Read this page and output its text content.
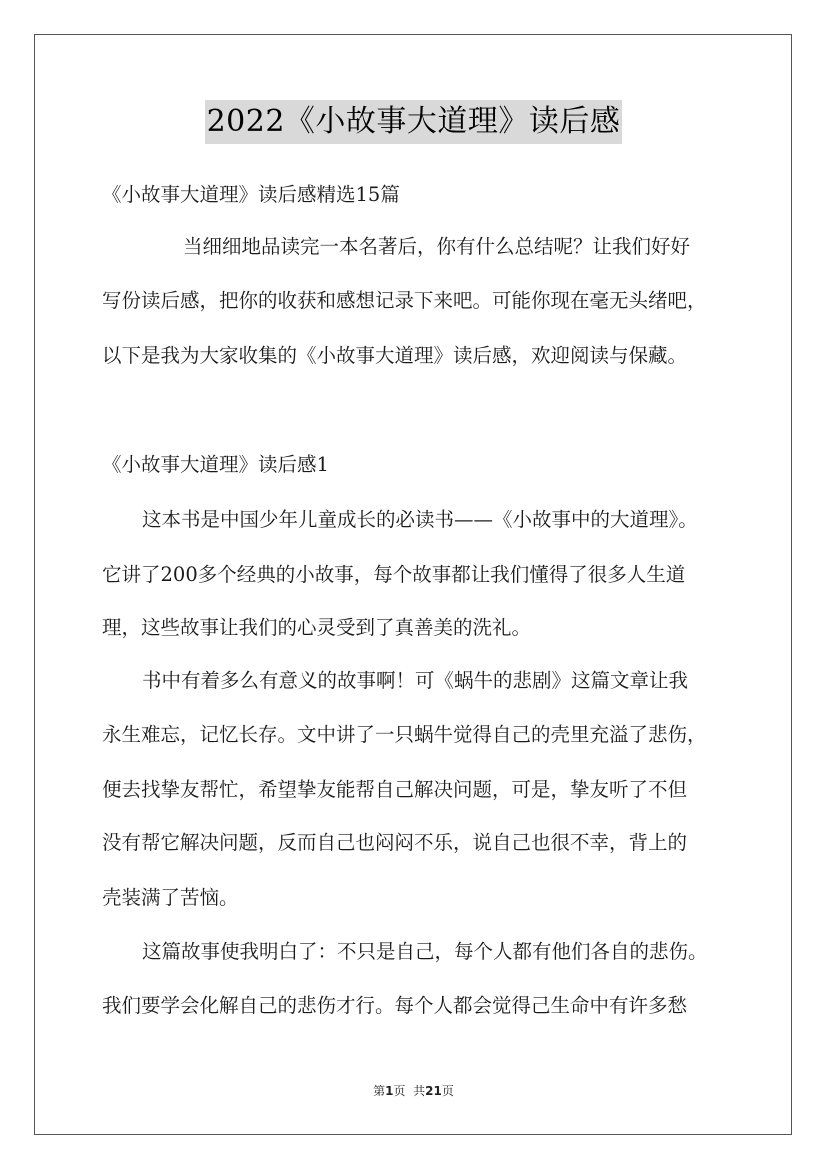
2022《小故事大道理》读后感
《小故事大道理》读后感精选15篇
当细细地品读完一本名著后，你有什么总结呢？让我们好好
写份读后感，把你的收获和感想记录下来吧。可能你现在毫无头绪吧，
以下是我为大家收集的《小故事大道理》读后感，欢迎阅读与保藏。
《小故事大道理》读后感1
这本书是中国少年儿童成长的必读书——《小故事中的大道理》。
它讲了200多个经典的小故事，每个故事都让我们懂得了很多人生道
理，这些故事让我们的心灵受到了真善美的洗礼。
书中有着多么有意义的故事啊！可《蜗牛的悲剧》这篇文章让我
永生难忘，记忆长存。文中讲了一只蜗牛觉得自己的壳里充溢了悲伤，
便去找挚友帮忙，希望挚友能帮自己解决问题，可是，挚友听了不但
没有帮它解决问题，反而自己也闷闷不乐，说自己也很不幸，背上的
壳装满了苦恼。
这篇故事使我明白了：不只是自己，每个人都有他们各自的悲伤。
我们要学会化解自己的悲伤才行。每个人都会觉得己生命中有许多愁
第1页  共21页
